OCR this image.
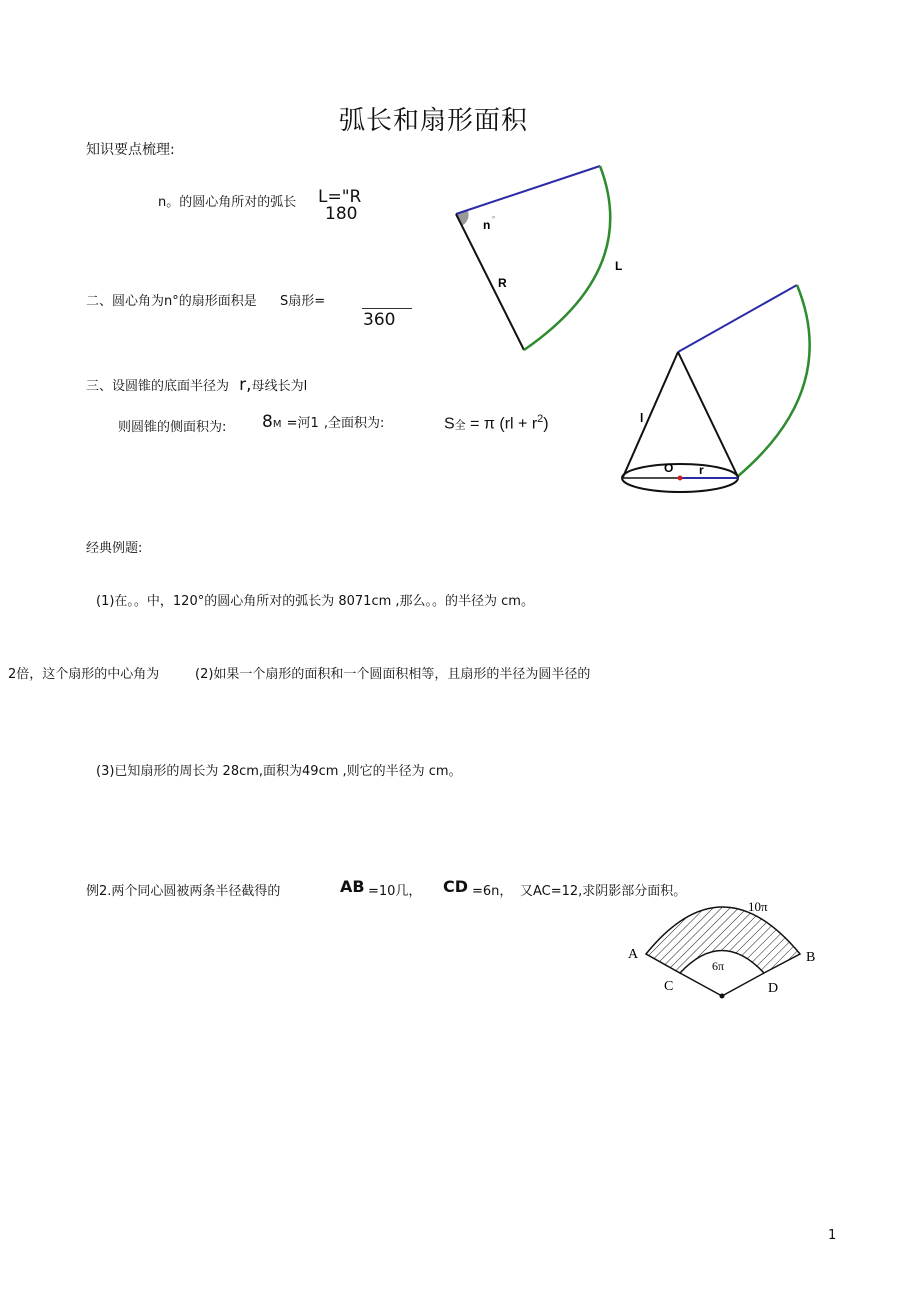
弧长和扇形面积
知识要点梳理:
n。的圆心角所对的弧长 L="R
180
二、圆心角为n°的扇形面积是 S扇形=
360
三、设圆锥的底面半径为 r,母线长为l
则圆锥的侧面积为: 8M =河1 ,全面积为:	S全 = π $(rl + r^2)$
n °
R
L
l
O r
经典例题:
(1)在。。中，120°的圆心角所对的弧长为 8071cm ,那么。。的半径为 cm。
2倍，这个扇形的中心角为	(2)如果一个扇形的面积和一个圆面积相等，且扇形的半径为圆半径的
(3)已知扇形的周长为 28cm,面积为49cm ,则它的半径为 cm。
例2.两个同心圆被两条半径截得的	AB =10几， CD =6n， 又AC=12,求阴影部分面积。
A	B
C	D
10π
6π
1
